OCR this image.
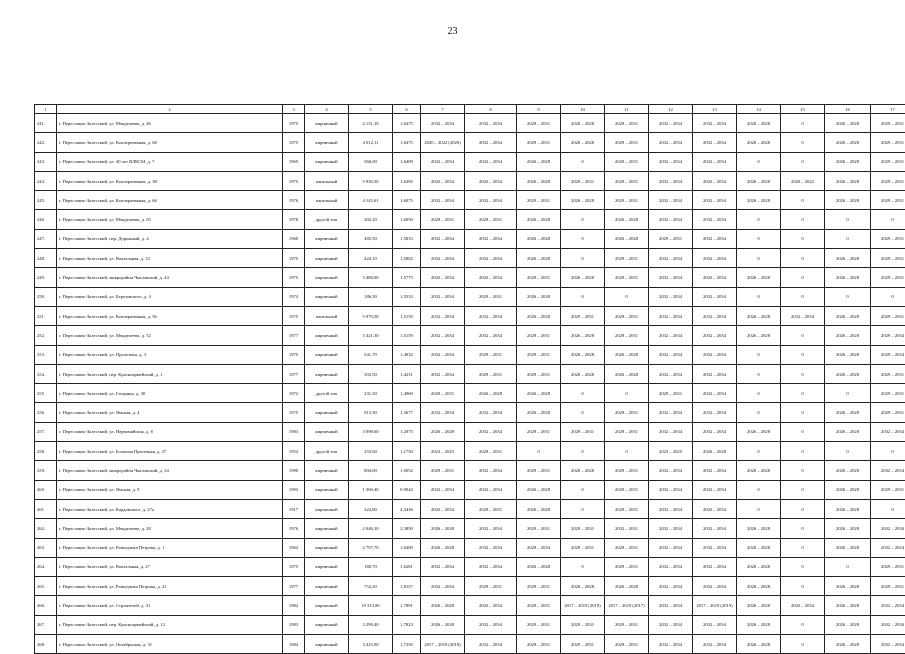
23
1	2	3	4	5	6	7	8	9	10	11	12	13	14	15	16	17
241.	г. Переславль-Залесский, ул. Менделеева, д. 46	1975	кирпичный	2 131,10	1,6475	2032 – 2034	2032 – 2034	2029 – 2031	2026 – 2028	2029 – 2031	2032 – 2034	2032 – 2034	2026 – 2028	0	2026 – 2028	2029 – 2031
242.	г. Переславль-Залесский, ул. Кооперативная, д. 68	1975	кирпичный	4 012,11	1,6475	2020 – 2022 (2020)	2032 – 2034	2029 – 2031	2026 – 2028	2029 – 2031	2032 – 2034	2032 – 2034	2026 – 2028	0	2026 – 2028	2029 – 2031
243.	г. Переславль-Залесский, ул. 40 лет ВЛКСМ, д. 7	1965	кирпичный	566,00	1,6409	2032 – 2034	2032 – 2034	2026 – 2028	0	2029 – 2031	2032 – 2034	2032 – 2034	0	0	2026 – 2028	2029 – 2031
244.	г. Переславль-Залесский, ул. Кооперативная, д. 38	1975	панельный	5 930,30	1,6295	2032 – 2034	2032 – 2034	2026 – 2028	2029 – 2031	2029 – 2031	2032 – 2034	2032 – 2034	2026 – 2028	2020 – 2022	2026 – 2028	2029 – 2031
245.	г. Переславль-Залесский, ул. Кооперативная, д. 66	1976	панельный	4 145,61	1,6075	2032 – 2034	2032 – 2034	2029 – 2031	2026 – 2028	2029 – 2031	2032 – 2034	2032 – 2034	2026 – 2028	0	2026 – 2028	2029 – 2031
246.	г. Переславль-Залесский, ул. Менделеева, д. 65	1978	другой тип	202,20	1,6050	2029 – 2031	2029 – 2031	2026 – 2028	0	2026 – 2028	2032 – 2034	2032 – 2034	0	0	0	0
247.	г. Переславль-Залесский, пер. Дорожный, д. 4	1960	кирпичный	485,50	1,5833	2032 – 2034	2032 – 2034	2026 – 2028	0	2026 – 2028	2029 – 2031	2032 – 2034	0	0	0	2029 – 2031
248.	г. Переславль-Залесский, ул. Вокзальная, д. 33	1975	кирпичный	424,10	1,5802	2032 – 2034	2032 – 2034	2026 – 2028	0	2029 – 2031	2032 – 2034	2032 – 2034	0	0	2026 – 2028	2029 – 2031
249.	г. Переславль-Залесский, микрорайон Чкаловский, д. 44	1975	кирпичный	3 488,00	1,5775	2032 – 2034	2032 – 2034	2029 – 2031	2026 – 2028	2029 – 2031	2032 – 2034	2032 – 2034	2026 – 2028	0	2026 – 2028	2029 – 2031
250.	г. Переславль-Залесский, ул. Березовского, д. 4	1974	кирпичный	186,39	1,5533	2032 – 2034	2029 – 2031	2026 – 2028	0	0	2032 – 2034	2032 – 2034	0	0	0	0
251.	г. Переславль-Залесский, ул. Кооперативная, д. 56	1975	панельный	5 979,58	1,5159	2032 – 2034	2032 – 2034	2026 – 2028	2029 – 2031	2029 – 2031	2032 – 2034	2032 – 2034	2026 – 2028	2032 – 2034	2026 – 2028	2029 – 2031
252.	г. Переславль-Залесский, ул. Менделеева, д. 52	1977	кирпичный	5 421,30	1,5159	2032 – 2034	2032 – 2034	2029 – 2031	2026 – 2028	2029 – 2031	2032 – 2034	2032 – 2034	2026 – 2028	0	2026 – 2028	2029 – 2034
253.	г. Переславль-Залесский, ул. Пролетная, д. 3	1975	кирпичный	541,70	1,4932	2032 – 2034	2029 – 2031	2029 – 2031	2026 – 2028	2026 – 2028	2032 – 2034	2032 – 2034	0	0	2026 – 2028	2029 – 2034
254.	г. Переславль-Залесский, пер. Красноармейский, д. 1	1977	кирпичный	503,50	1,4231	2032 – 2034	2029 – 2031	2029 – 2031	2026 – 2028	2026 – 2028	2032 – 2034	2032 – 2034	0	0	2026 – 2028	2029 – 2031
255.	г. Переславль-Залесский, ул. Гагарина, д. 30	1972	другой тип	231,50	1,4060	2029 – 2031	2026 – 2028	2026 – 2028	0	0	2029 – 2031	2032 – 2034	0	0	0	2029 – 2031
256.	г. Переславль-Залесский, ул. Ямская, д. 4	1975	кирпичный	913,30	1,3677	2032 – 2034	2032 – 2034	2026 – 2028	0	2029 – 2031	2032 – 2034	2032 – 2034	0	0	2026 – 2028	2029 – 2031
257.	г. Переславль-Залесский, ул. Первомайская, д. 8	1983	кирпичный	3 098,60	1,2075	2026 – 2028	2032 – 2034	2029 – 2031	2029 – 2031	2029 – 2031	2032 – 2034	2032 – 2034	2026 – 2028	0	2026 – 2028	2032 – 2034
258.	г. Переславль-Залесский, ул. Большая Протечная, д. 37	1952	другой тип	255,60	1,1750	2023 – 2025	2029 – 2031	0	0	0	2023 – 2025	2026 – 2028	0	0	0	0
259.	г. Переславль-Залесский, микрорайон Чкаловский, д. 34	1990	кирпичный	804,00	1,0052	2029 – 2031	2032 – 2034	2029 – 2031	2026 – 2028	2029 – 2031	2032 – 2034	2032 – 2034	2026 – 2028	0	2026 – 2028	2032 – 2034
260.	г. Переславль-Залесский, ул. Ямская, д. 9	1993	кирпичный	1 360,40	0,9044	2032 – 2034	2032 – 2034	2026 – 2028	0	2029 – 2031	2032 – 2034	2032 – 2034	0	0	2026 – 2028	2029 – 2031
261.	г. Переславль-Залесский, ул. Кардовского, д. 27а	1917	кирпичный	324,80	4,3436	2032 – 2034	2029 – 2031	2026 – 2028	0	2029 – 2031	2032 – 2034	2032 – 2034	0	0	2026 – 2028	0
262.	г. Переславль-Залесский, ул. Менделеева, д. 28	1976	кирпичный	2 046,30	2,3850	2026 – 2028	2032 – 2034	2029 – 2031	2029 – 2031	2032 – 2031	2032 – 2034	2032 – 2034	2026 – 2028	0	2026 – 2028	2032 – 2034
263.	г. Переславль-Залесский, ул. Разведчика Петрова, д. 1	1962	кирпичный	2 707,70	1,6400	2026 – 2028	2032 – 2034	2029 – 2034	2029 – 2031	2029 – 2031	2032 – 2034	2032 – 2034	2026 – 2028	0	2026 – 2028	2032 – 2034
264.	г. Переславль-Залесский, ул. Вокзальная, д. 27	1975	кирпичный	180,70	1,6281	2032 – 2034	2032 – 2034	2026 – 2028	0	2029 – 2031	2032 – 2034	2032 – 2034	2026 – 2028	0	0	2029 – 2031
265.	г. Переславль-Залесский, ул. Разведчика Петрова, д. 21	1977	кирпичный	752,20	1,8157	2032 – 2034	2029 – 2031	2029 – 2031	2026 – 2028	2026 – 2028	2032 – 2034	2032 – 2034	2026 – 2028	0	2026 – 2028	2029 – 2031
266.	г. Переславль-Залесский, ул. Строителей, д. 31	1982	кирпичный	10 313,80	1,7891	2026 – 2028	2032 – 2034	2029 – 2031	2017 – 2019 (2018)	2017 – 2019 (2017)	2032 – 2034	2017 – 2019 (2019)	2026 – 2028	2032 – 2034	2026 – 2028	2032 – 2034
267.	г. Переславль-Залесский, пер. Красноармейский, д. 12	1983	кирпичный	3 299,40	1,7823	2026 – 2028	2032 – 2034	2029 – 2031	2029 – 2031	2029 – 2031	2032 – 2034	2032 – 2034	2026 – 2028	0	2026 – 2028	2032 – 2034
268.	г. Переславль-Залесский, ул. Октябрьская, д. 31	1984	кирпичный	3 423,90	1,7250	2017 – 2019 (2018)	2032 – 2034	2029 – 2031	2029 – 2031	2029 – 2031	2032 – 2034	2032 – 2034	2026 – 2028	0	2026 – 2028	2032 – 2034
